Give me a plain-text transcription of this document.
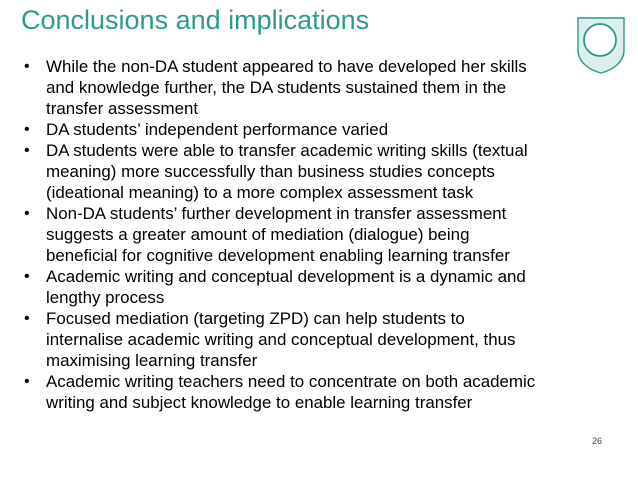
Conclusions and implications
• While the non-DA student appeared to have developed her skills
and knowledge further, the DA students sustained them in the
transfer assessment
• DA students’ independent performance varied
• DA students were able to transfer academic writing skills (textual
meaning) more successfully than business studies concepts
(ideational meaning) to a more complex assessment task
• Non-DA students’ further development in transfer assessment
suggests a greater amount of mediation (dialogue) being
beneficial for cognitive development enabling learning transfer
• Academic writing and conceptual development is a dynamic and
lengthy process
• Focused mediation (targeting ZPD) can help students to
internalise academic writing and conceptual development, thus
maximising learning transfer
• Academic writing teachers need to concentrate on both academic
writing and subject knowledge to enable learning transfer
26
